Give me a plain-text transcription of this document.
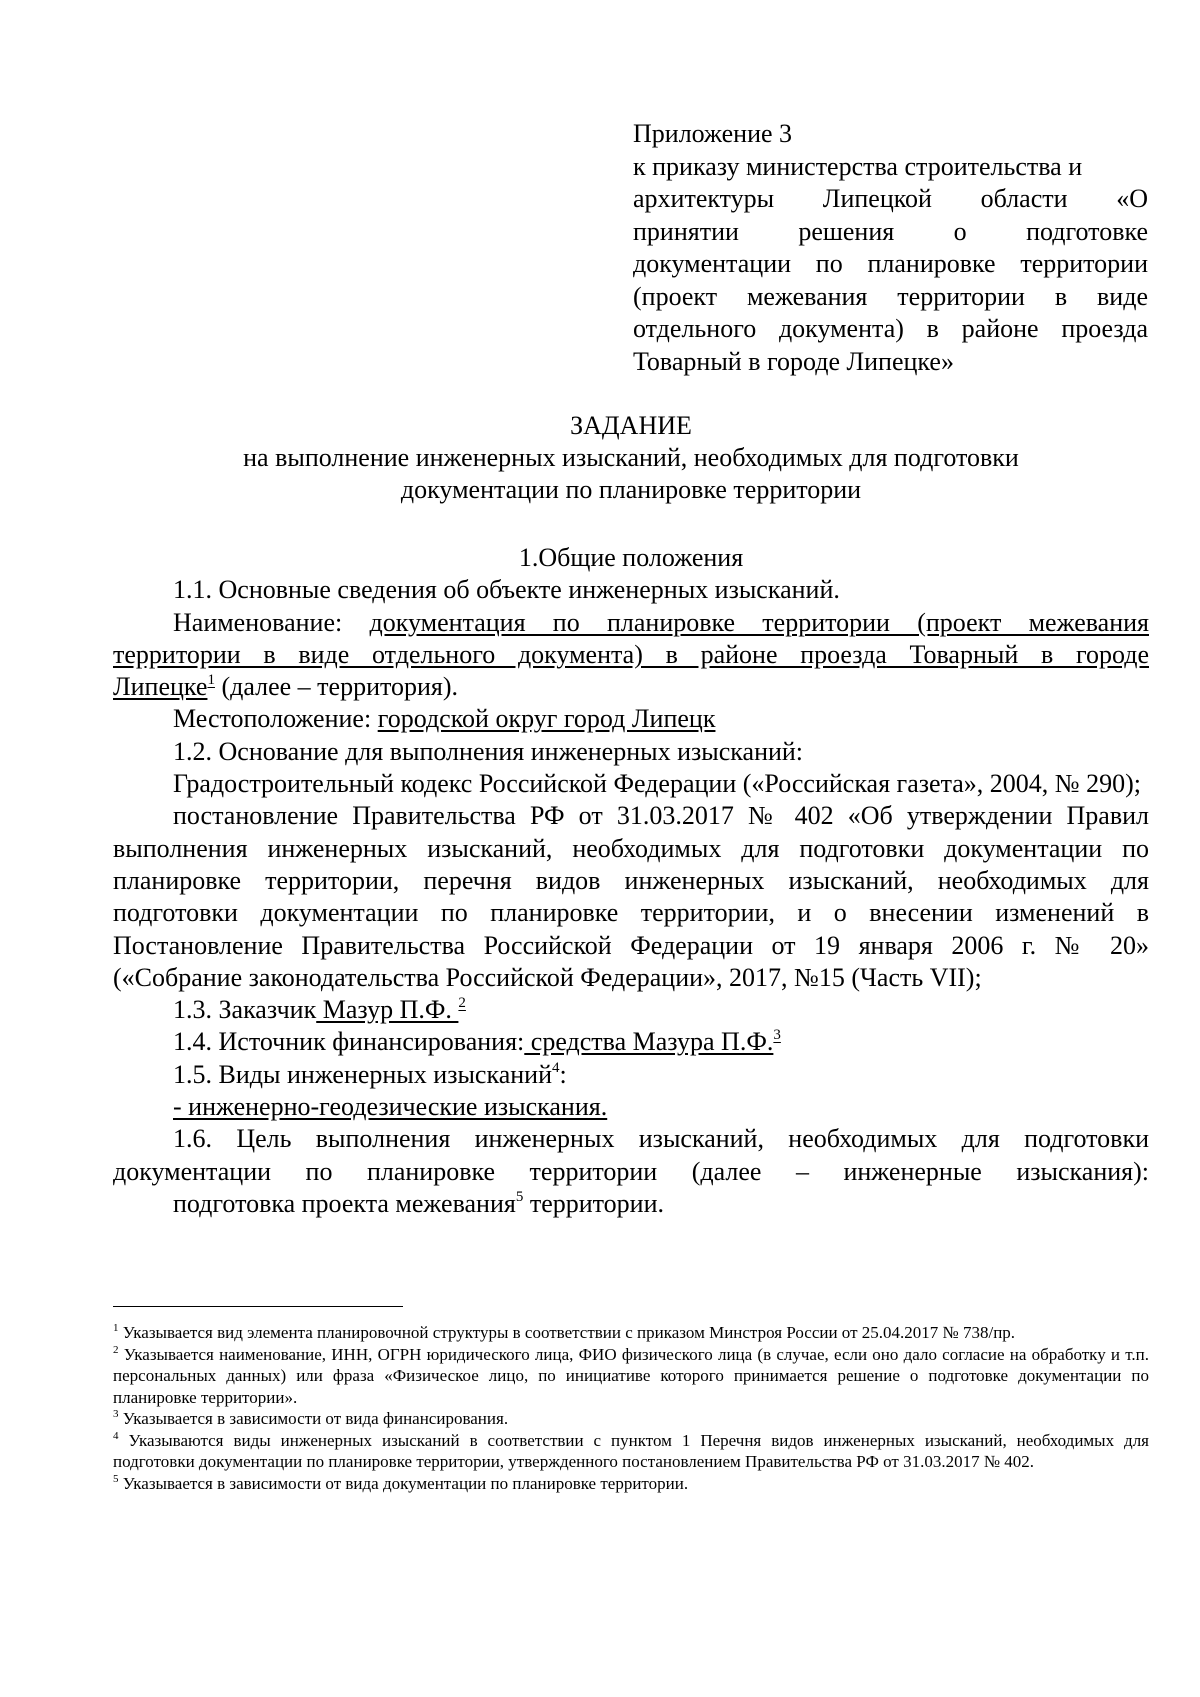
Приложение 3
к приказу министерства строительства и
архитектуры Липецкой области «О
принятии решения о подготовке
документации по планировке территории
(проект межевания территории в виде
отдельного документа) в районе проезда
Товарный в городе Липецке»
ЗАДАНИЕ
на выполнение инженерных изысканий, необходимых для подготовки
документации по планировке территории

1.Общие положения

1.1. Основные сведения об объекте инженерных изысканий.

Наименование: документация по планировке территории (проект межевания
территории в виде отдельного документа) в районе проезда Товарный в городе
Липецке$^1$ (далее – территория).

Местоположение: городской округ город Липецк

1.2. Основание для выполнения инженерных изысканий:

Градостроительный кодекс Российской Федерации («Российская газета», 2004, № 290);

постановление Правительства РФ от 31.03.2017 № 402 «Об утверждении Правил выполнения инженерных изысканий, необходимых для подготовки документации по планировке территории, перечня видов инженерных изысканий, необходимых для подготовки документации по планировке территории, и о внесении изменений в Постановление Правительства Российской Федерации от 19 января 2006 г. № 20» («Собрание законодательства Российской Федерации», 2017, №15 (Часть VII);

1.3. Заказчик Мазур П.Ф. $^2$

1.4. Источник финансирования: средства Мазура П.Ф.$^3$

1.5. Виды инженерных изысканий$^4$:

- инженерно-геодезические изыскания.

1.6. Цель выполнения инженерных изысканий, необходимых для подготовки документации по планировке территории (далее – инженерные изыскания):

подготовка проекта межевания$^5$ территории.

$^1$ Указывается вид элемента планировочной структуры в соответствии с приказом Минстроя России от 25.04.2017 № 738/пр.

$^2$ Указывается наименование, ИНН, ОГРН юридического лица, ФИО физического лица (в случае, если оно дало согласие на обработку и т.п. персональных данных) или фраза «Физическое лицо, по инициативе которого принимается решение о подготовке документации по планировке территории».

$^3$ Указывается в зависимости от вида финансирования.

$^4$ Указываются виды инженерных изысканий в соответствии с пунктом 1 Перечня видов инженерных изысканий, необходимых для подготовки документации по планировке территории, утвержденного постановлением Правительства РФ от 31.03.2017 № 402.

$^5$ Указывается в зависимости от вида документации по планировке территории.
